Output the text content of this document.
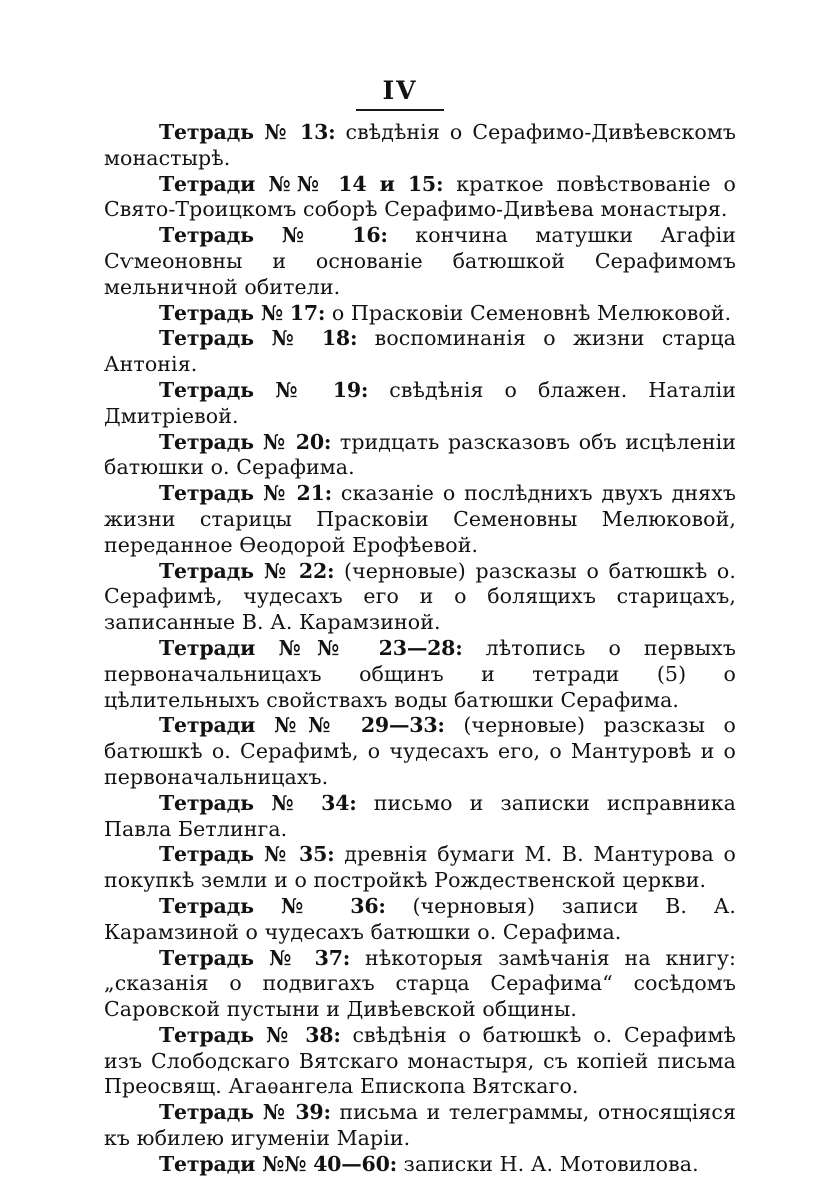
IV

Тетрадь № 13: свѣдѣнія о Серафимо-Дивѣевскомъ монастырѣ.

Тетради №№ 14 и 15: краткое повѣствованіе о Свято-Троицкомъ соборѣ Серафимо-Дивѣева монастыря.

Тетрадь № 16: кончина матушки Агафіи Сѵмеоновны и основаніе батюшкой Серафимомъ мельничной обители.

Тетрадь № 17: о Прасковіи Семеновнѣ Мелюковой.

Тетрадь № 18: воспоминанія о жизни старца Антонія.

Тетрадь № 19: свѣдѣнія о блажен. Наталіи Дмитріевой.

Тетрадь № 20: тридцать разсказовъ объ исцѣленіи батюшки о. Серафима.

Тетрадь № 21: сказаніе о послѣднихъ двухъ дняхъ жизни старицы Прасковіи Семеновны Мелюковой, переданное Ѳеодорой Ерофѣевой.

Тетрадь № 22: (черновые) разсказы о батюшкѣ о. Серафимѣ, чудесахъ его и о болящихъ старицахъ, записанные В. А. Карамзиной.

Тетради №№ 23—28: лѣтопись о первыхъ первоначальницахъ общинъ и тетради (5) о цѣлительныхъ свойствахъ воды батюшки Серафима.

Тетради №№ 29—33: (черновые) разсказы о батюшкѣ о. Серафимѣ, о чудесахъ его, о Мантуровѣ и о первоначальницахъ.

Тетрадь № 34: письмо и записки исправника Павла Бетлинга.

Тетрадь № 35: древнія бумаги М. В. Мантурова о покупкѣ земли и о постройкѣ Рождественской церкви.

Тетрадь № 36: (черновыя) записи В. А. Карамзиной о чудесахъ батюшки о. Серафима.

Тетрадь № 37: нѣкоторыя замѣчанія на книгу: „сказанія о подвигахъ старца Серафима“ сосѣдомъ Саровской пустыни и Дивѣевской общины.

Тетрадь № 38: свѣдѣнія о батюшкѣ о. Серафимѣ изъ Слободскаго Вятскаго монастыря, съ копіей письма Преосвящ. Агаѳангела Епископа Вятскаго.

Тетрадь № 39: письма и телеграммы, относящіяся къ юбилею игуменіи Маріи.

Тетради №№ 40—60: записки Н. А. Мотовилова.
